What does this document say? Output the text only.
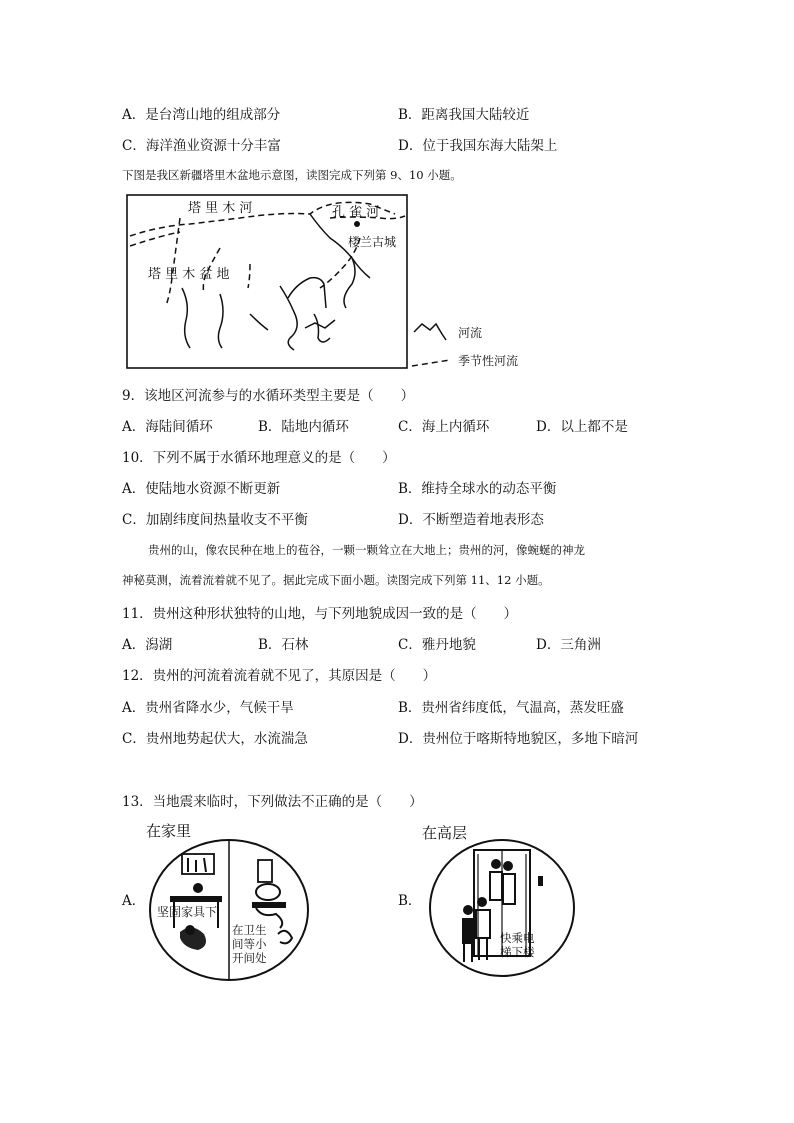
A．是台湾山地的组成部分	B．距离我国大陆较近
C．海洋渔业资源十分丰富	D．位于我国东海大陆架上
下图是我区新疆塔里木盆地示意图，读图完成下列第 9、10 小题。
塔 里 木 河	孔 雀 河
楼兰古城
塔 里 木 盆 地
河流
季节性河流
9．该地区河流参与的水循环类型主要是（　　）
A．海陆间循环	B．陆地内循环	C．海上内循环	D．以上都不是
10．下列不属于水循环地理意义的是（　　）
A．使陆地水资源不断更新	B．维持全球水的动态平衡
C．加剧纬度间热量收支不平衡	D．不断塑造着地表形态
贵州的山，像农民种在地上的苞谷，一颗一颗耸立在大地上；贵州的河，像蜿蜒的神龙
神秘莫测，流着流着就不见了。据此完成下面小题。读图完成下列第 11、12 小题。
11．贵州这种形状独特的山地，与下列地貌成因一致的是（　　）
A．潟湖	B．石林	C．雅丹地貌	D．三角洲
12．贵州的河流着流着就不见了，其原因是（　　）
A．贵州省降水少，气候干旱	B．贵州省纬度低，气温高，蒸发旺盛
C．贵州地势起伏大，水流湍急	D．贵州位于喀斯特地貌区，多地下暗河
13．当地震来临时，下列做法不正确的是（　　）
A．	B．
在家里
坚固家具下
在卫生
间等小
开间处
在高层
快乘电
梯下楼
